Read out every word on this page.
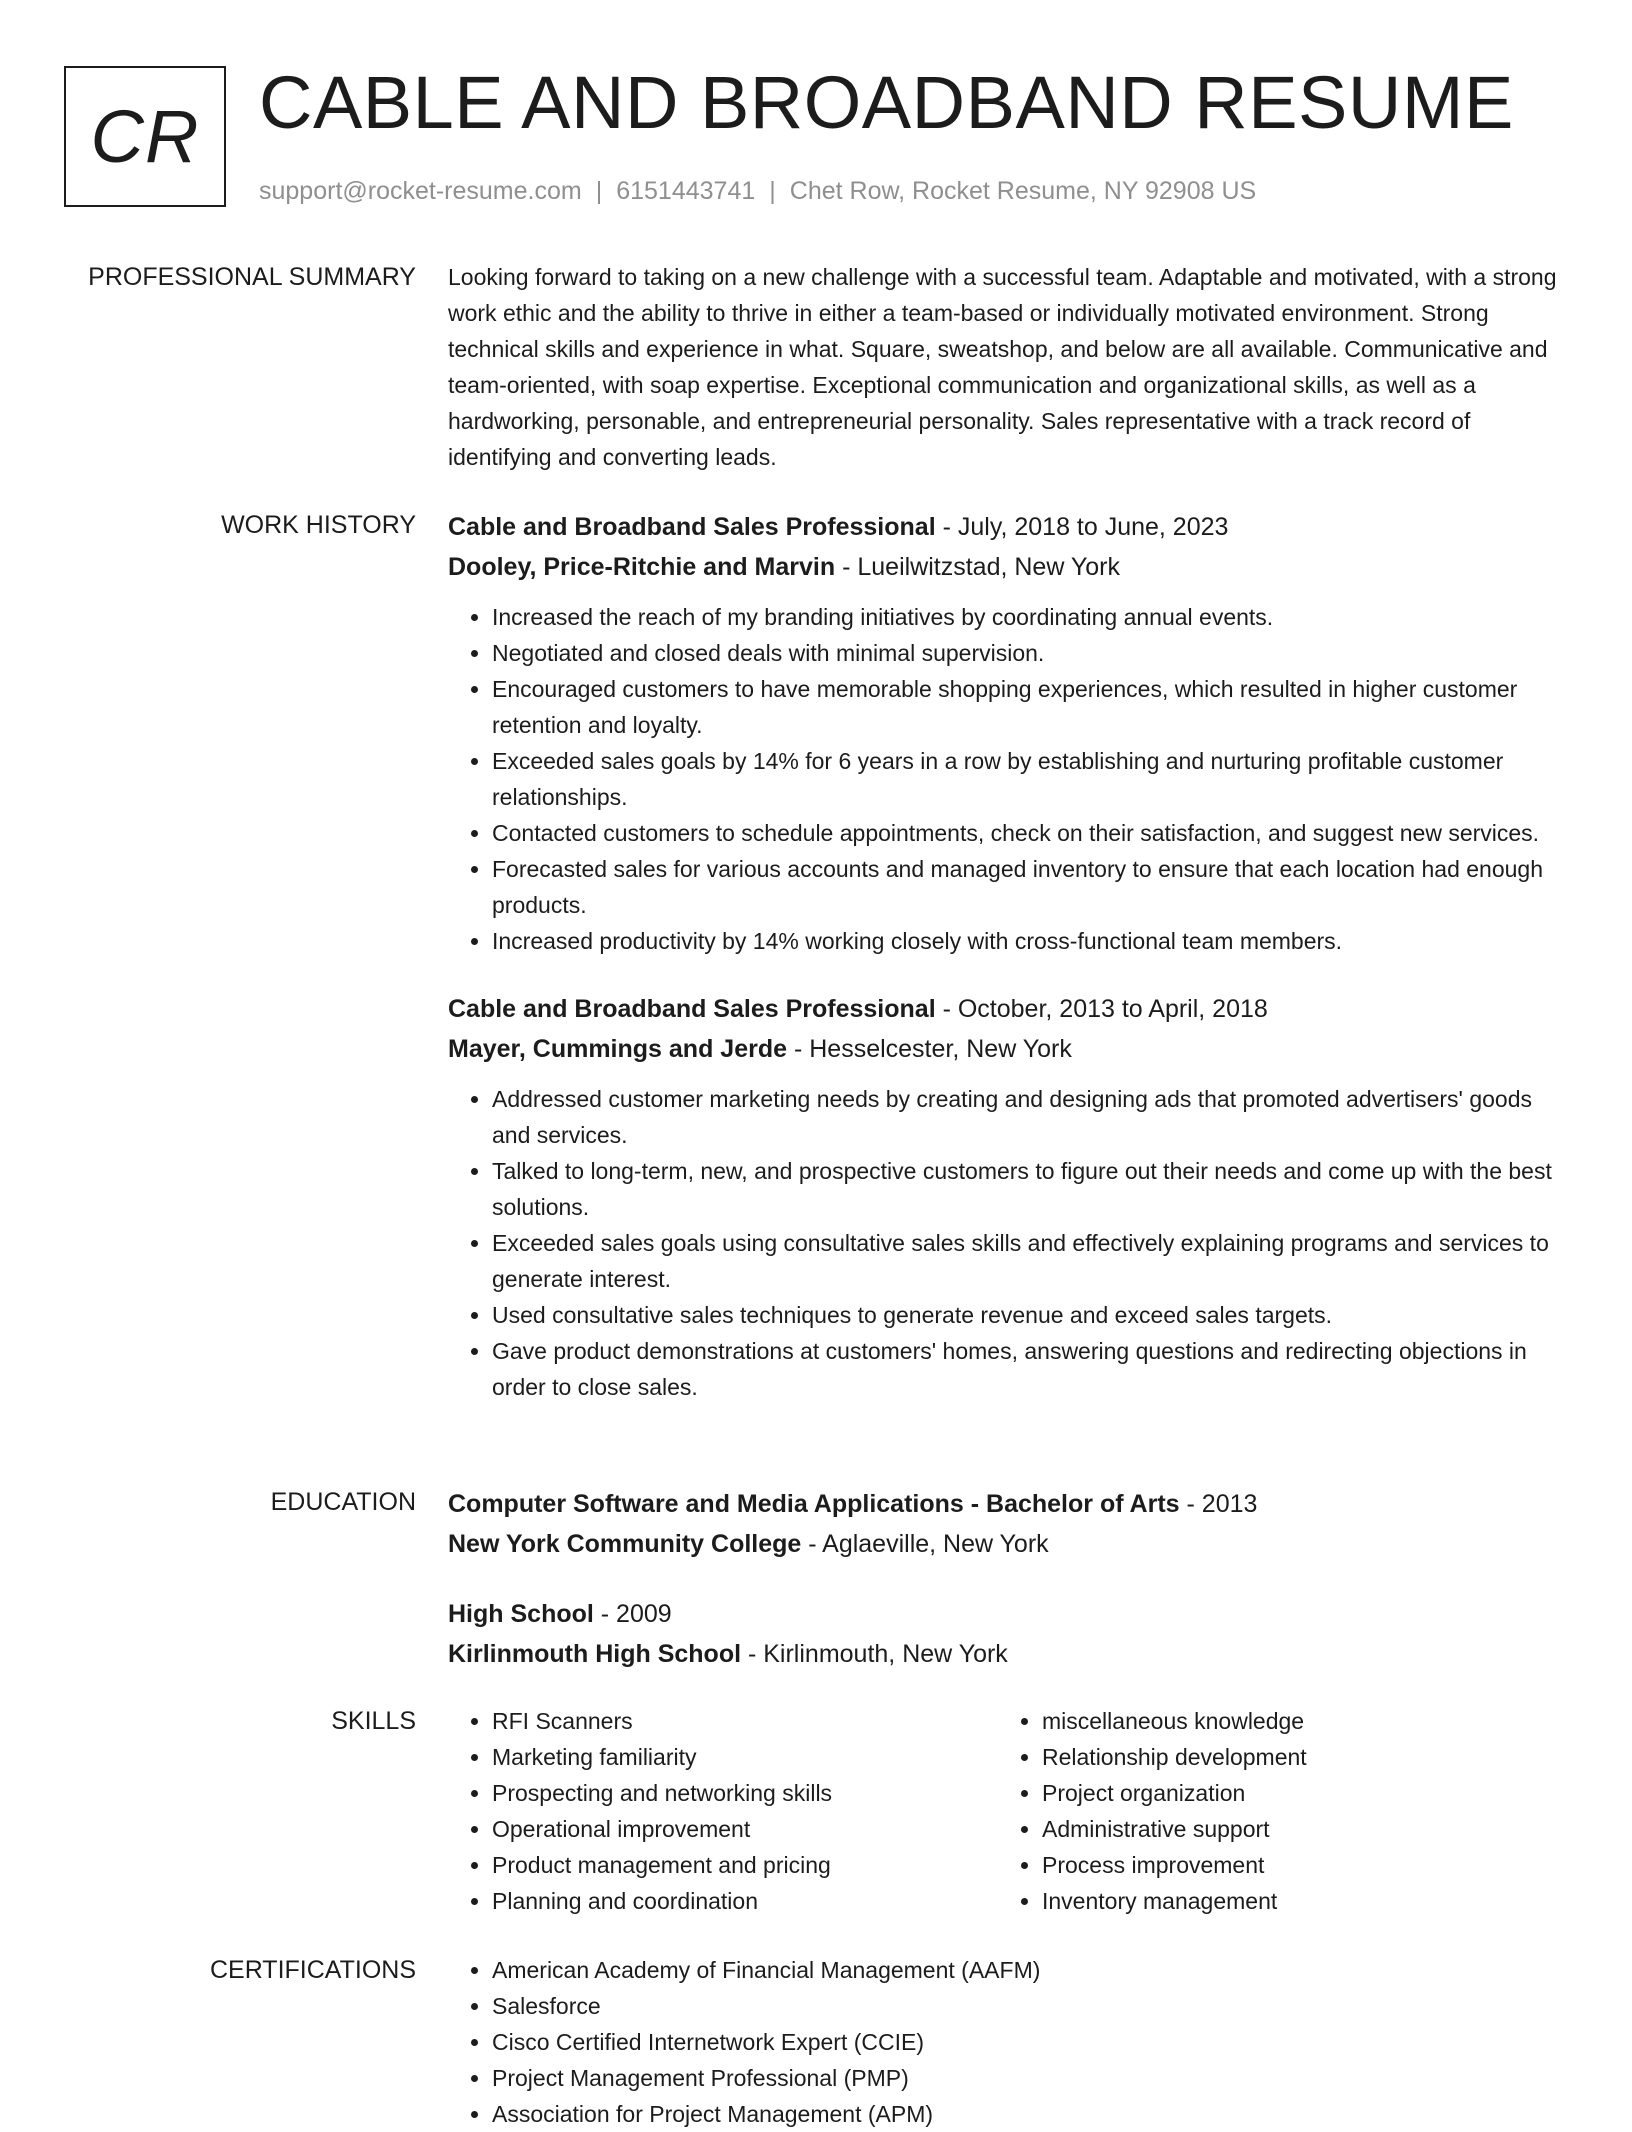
CR CABLE AND BROADBAND RESUME
support@rocket-resume.com | 6151443741 | Chet Row, Rocket Resume, NY 92908 US
PROFESSIONAL SUMMARY Looking forward to taking on a new challenge with a successful team. Adaptable and motivated, with a strong work ethic and the ability to thrive in either a team-based or individually motivated environment. Strong technical skills and experience in what. Square, sweatshop, and below are all available. Communicative and team-oriented, with soap expertise. Exceptional communication and organizational skills, as well as a hardworking, personable, and entrepreneurial personality. Sales representative with a track record of identifying and converting leads.

WORK HISTORY Cable and Broadband Sales Professional - July, 2018 to June, 2023

Dooley, Price-Ritchie and Marvin - Lueilwitzstad, New York

• Increased the reach of my branding initiatives by coordinating annual events.
• Negotiated and closed deals with minimal supervision.
• Encouraged customers to have memorable shopping experiences, which resulted in higher customer retention and loyalty.
• Exceeded sales goals by 14% for 6 years in a row by establishing and nurturing profitable customer relationships.
• Contacted customers to schedule appointments, check on their satisfaction, and suggest new services.
• Forecasted sales for various accounts and managed inventory to ensure that each location had enough products.
• Increased productivity by 14% working closely with cross-functional team members.

Cable and Broadband Sales Professional - October, 2013 to April, 2018

Mayer, Cummings and Jerde - Hesselcester, New York

• Addressed customer marketing needs by creating and designing ads that promoted advertisers' goods and services.
• Talked to long-term, new, and prospective customers to figure out their needs and come up with the best solutions.
• Exceeded sales goals using consultative sales skills and effectively explaining programs and services to generate interest.
• Used consultative sales techniques to generate revenue and exceed sales targets.
• Gave product demonstrations at customers' homes, answering questions and redirecting objections in order to close sales.
EDUCATION Computer Software and Media Applications - Bachelor of Arts - 2013

New York Community College - Aglaeville, New York

High School - 2009

Kirlinmouth High School - Kirlinmouth, New York

SKILLS	• RFI Scanners
• Marketing familiarity
• Prospecting and networking skills
• Operational improvement
• Product management and pricing
• Planning and coordination
• miscellaneous knowledge
• Relationship development
• Project organization
• Administrative support
• Process improvement
• Inventory management
CERTIFICATIONS	• American Academy of Financial Management (AAFM)
• Salesforce
• Cisco Certified Internetwork Expert (CCIE)
• Project Management Professional (PMP)
• Association for Project Management (APM)
